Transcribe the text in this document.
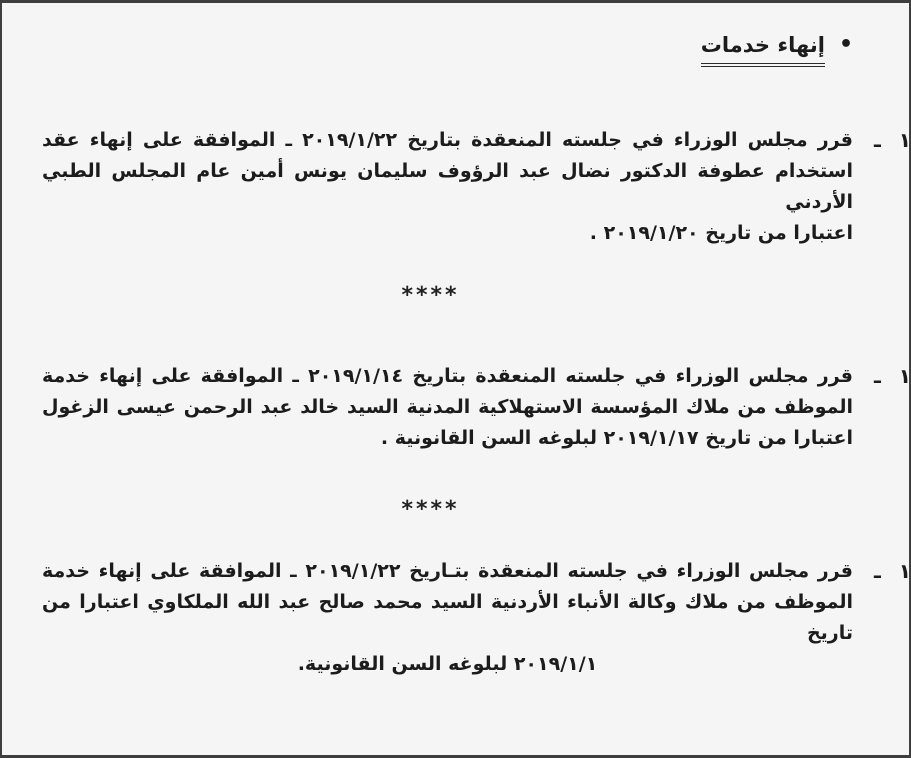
•إنهاء خدمات
١ـ
قرر مجلس الوزراء في جلسته المنعقدة بتاريخ ٢٠١٩/١/٢٢ ـ الموافقة على إنهاء عقد
استخدام عطوفة الدكتور نضال عبد الرؤوف سليمان يونس أمين عام المجلس الطبي الأردني
اعتبارا من تاريخ ٢٠١٩/١/٢٠ .
****
١ـ
قرر مجلس الوزراء في جلسته المنعقدة بتاريخ ٢٠١٩/١/١٤ ـ الموافقة على إنهاء خدمة
الموظف من ملاك المؤسسة الاستهلاكية المدنية السيد خالد عبد الرحمن عيسى الزغول
اعتبارا من تاريخ ٢٠١٩/١/١٧ لبلوغه السن القانونية .
****
١ـ
قرر مجلس الوزراء في جلسته المنعقدة بتـاريخ ٢٠١٩/١/٢٢ ـ الموافقة على إنهاء خدمة
الموظف من ملاك وكالة الأنباء الأردنية السيد محمد صالح عبد الله الملكاوي اعتبارا من تاريخ
٢٠١٩/١/١ لبلوغه السن القانونية.
